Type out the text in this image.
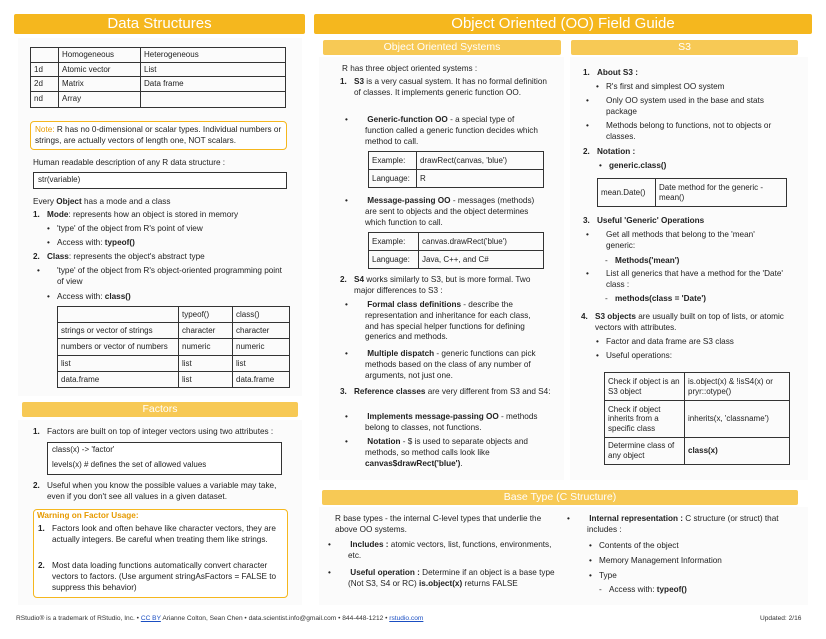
Data Structures
	Homogeneous	Heterogeneous
1d	Atomic vector	List
2d	Matrix	Data frame
nd	Array	
Note: R has no 0-dimensional or scalar types. Individual numbers or strings, are actually vectors of length one, NOT scalars.
Human readable description of any R data structure :
str(variable)
Every Object has a mode and a class
1. Mode: represents how an object is stored in memory
• 'type' of the object from R's point of view
• Access with: typeof()
2. Class: represents the object's abstract type
• 'type' of the object from R's object-oriented programming point of view
• Access with: class()
	typeof()	class()
strings or vector of strings	character	character
numbers or vector of numbers	numeric	numeric
list	list	list
data.frame	list	data.frame
Factors
1. Factors are built on top of integer vectors using two attributes :
class(x) -> 'factor'
levels(x) # defines the set of allowed values
2. Useful when you know the possible values a variable may take, even if you don't see all values in a given dataset.
Warning on Factor Usage:
1. Factors look and often behave like character vectors, they are actually integers. Be careful when treating them like strings.
2. Most data loading functions automatically convert character vectors to factors. (Use argument stringAsFactors = FALSE to suppress this behavior)
Object Oriented (OO) Field Guide
Object Oriented Systems
R has three object oriented systems :
1. S3 is a very casual system. It has no formal definition of classes. It implements generic function OO.
• Generic-function OO - a special type of function called a generic function decides which method to call.
Example:	drawRect(canvas, 'blue')
Language:	R
• Message-passing OO - messages (methods) are sent to objects and the object determines which function to call.
Example:	canvas.drawRect('blue')
Language:	Java, C++, and C#
2. S4 works similarly to S3, but is more formal. Two major differences to S3 :
• Formal class definitions - describe the representation and inheritance for each class, and has special helper functions for defining generics and methods.
• Multiple dispatch - generic functions can pick methods based on the class of any number of arguments, not just one.
3. Reference classes are very different from S3 and S4:
• Implements message-passing OO - methods belong to classes, not functions.
• Notation - $ is used to separate objects and methods, so method calls look like canvas$drawRect('blue').
S3
1. About S3 :
• R's first and simplest OO system
• Only OO system used in the base and stats package
• Methods belong to functions, not to objects or classes.
2. Notation :
• generic.class()
mean.Date()	Date method for the generic - mean()
3. Useful 'Generic' Operations
• Get all methods that belong to the 'mean' generic:
- Methods('mean')
• List all generics that have a method for the 'Date' class :
- methods(class = 'Date')
4. S3 objects are usually built on top of lists, or atomic vectors with attributes.
• Factor and data frame are S3 class
• Useful operations:
Check if object is an S3 object	is.object(x) & !isS4(x) or pryr::otype()
Check if object inherits from a specific class	inherits(x, 'classname')
Determine class of any object	class(x)
Base Type (C Structure)
R base types - the internal C-level types that underlie the above OO systems.
• Includes : atomic vectors, list, functions, environments, etc.
• Useful operation : Determine if an object is a base type (Not S3, S4 or RC) is.object(x) returns FALSE
• Internal representation : C structure (or struct) that includes :
• Contents of the object
• Memory Management Information
• Type
- Access with: typeof()
RStudio® is a trademark of RStudio, Inc. • CC BY Arianne Colton, Sean Chen • data.scientist.info@gmail.com • 844-448-1212 • rstudio.com	Updated: 2/16
